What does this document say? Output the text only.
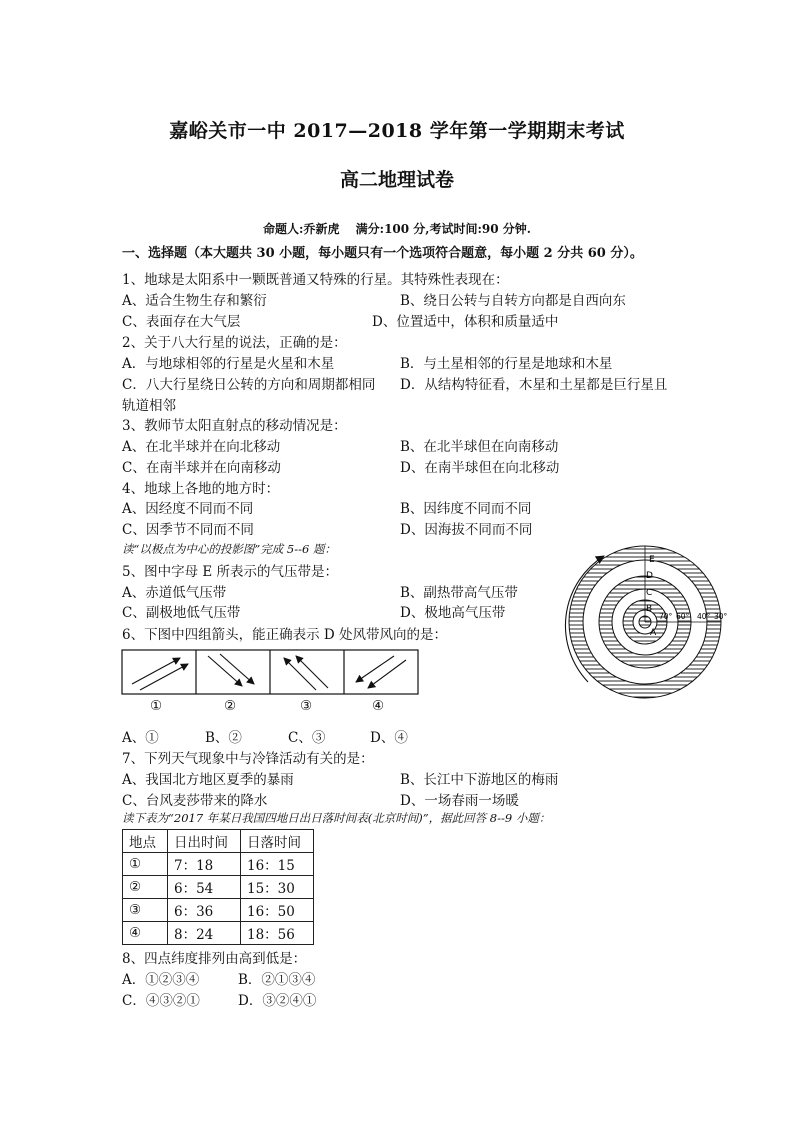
嘉峪关市一中 2017—2018 学年第一学期期末考试
高二地理试卷
命题人:乔新虎　 满分:100 分,考试时间:90 分钟.
一、选择题（本大题共 30 小题，每小题只有一个选项符合题意，每小题 2 分共 60 分）。
1、地球是太阳系中一颗既普通又特殊的行星。其特殊性表现在：
A、适合生物生存和繁衍	B、绕日公转与自转方向都是自西向东
C、表面存在大气层	D、位置适中，体积和质量适中
2、关于八大行星的说法，正确的是：
A．与地球相邻的行星是火星和木星	B．与土星相邻的行星是地球和木星
C．八大行星绕日公转的方向和周期都相同 D．从结构特征看，木星和土星都是巨行星且
轨道相邻
3、教师节太阳直射点的移动情况是：
A、在北半球并在向北移动	B、在北半球但在向南移动
C、在南半球并在向南移动	D、在南半球但在向北移动
4、地球上各地的地方时：
A、因经度不同而不同	B、因纬度不同而不同
C、因季节不同而不同	D、因海拔不同而不同
读“以极点为中心的投影图”完成 5--6 题：
5、图中字母 E 所表示的气压带是：
A、赤道低气压带	B、副热带高气压带
C、副极地低气压带	D、极地高气压带
6、下图中四组箭头，能正确表示 D 处风带风向的是：
①	②	③	④
A、①	B、②	C、③	D、④
E
D
C
B
A
70° 60° 40° 30°
7、下列天气现象中与冷锋活动有关的是：
A、我国北方地区夏季的暴雨	B、长江中下游地区的梅雨
C、台风麦莎带来的降水	D、一场春雨一场暖
读下表为“2017 年某日我国四地日出日落时间表(北京时间)”，据此回答 8--9 小题：
地点	日出时间	日落时间
①	7：18	16：15
②	6：54	15：30
③	6：36	16：50
④	8：24	18：56
8、四点纬度排列由高到低是：
A．①②③④	B．②①③④
C．④③②①	D．③②④①
